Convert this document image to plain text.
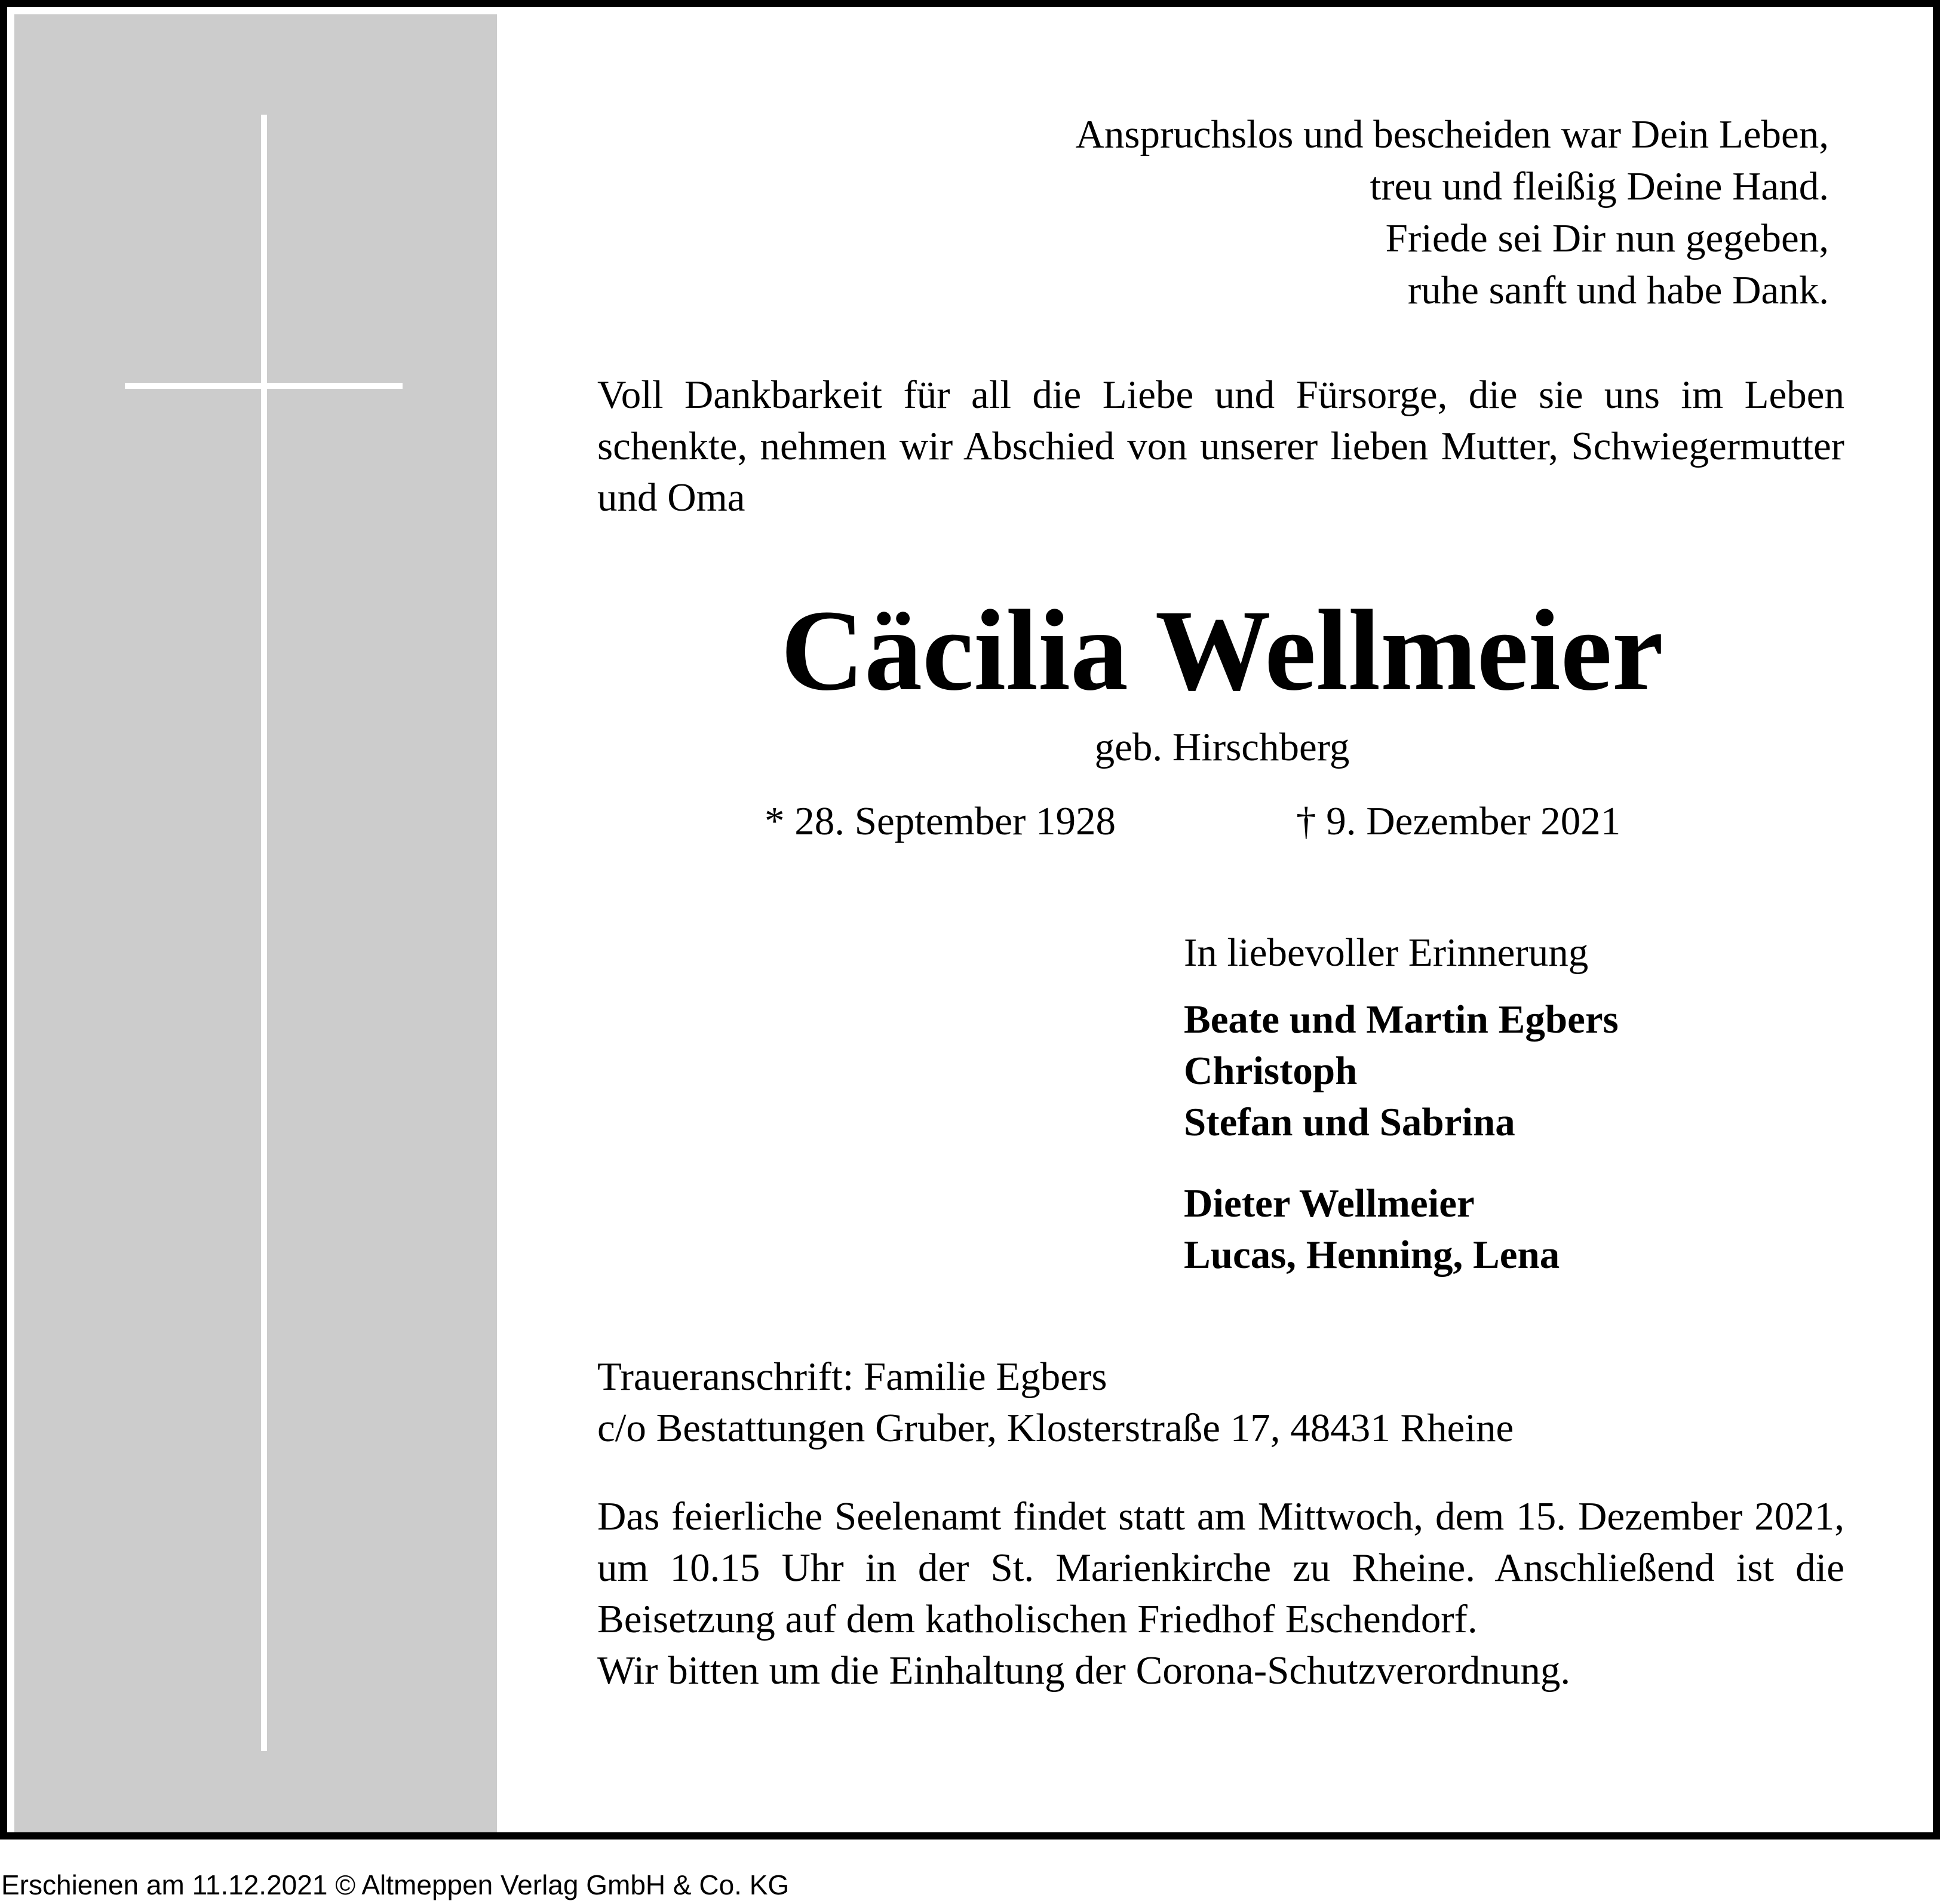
Anspruchslos und bescheiden war Dein Leben,
treu und fleißig Deine Hand.
Friede sei Dir nun gegeben,
ruhe sanft und habe Dank.

Voll Dankbarkeit für all die Liebe und Fürsorge, die sie uns im Leben schenkte, nehmen wir Abschied von unserer lieben Mutter, Schwiegermutter und Oma

Cäcilia Wellmeier
geb. Hirschberg
* 28. September 1928	† 9. Dezember 2021
In liebevoller Erinnerung
Beate und Martin Egbers
Christoph
Stefan und Sabrina
Dieter Wellmeier
Lucas, Henning, Lena
Traueranschrift: Familie Egbers
c/o Bestattungen Gruber, Klosterstraße 17, 48431 Rheine

Das feierliche Seelenamt findet statt am Mittwoch, dem 15. Dezember 2021, um 10.15 Uhr in der St. Marienkirche zu Rheine. Anschließend ist die Beisetzung auf dem katholischen Friedhof Eschendorf.

Wir bitten um die Einhaltung der Corona-Schutzverordnung.

Erschienen am 11.12.2021 © Altmeppen Verlag GmbH & Co. KG
